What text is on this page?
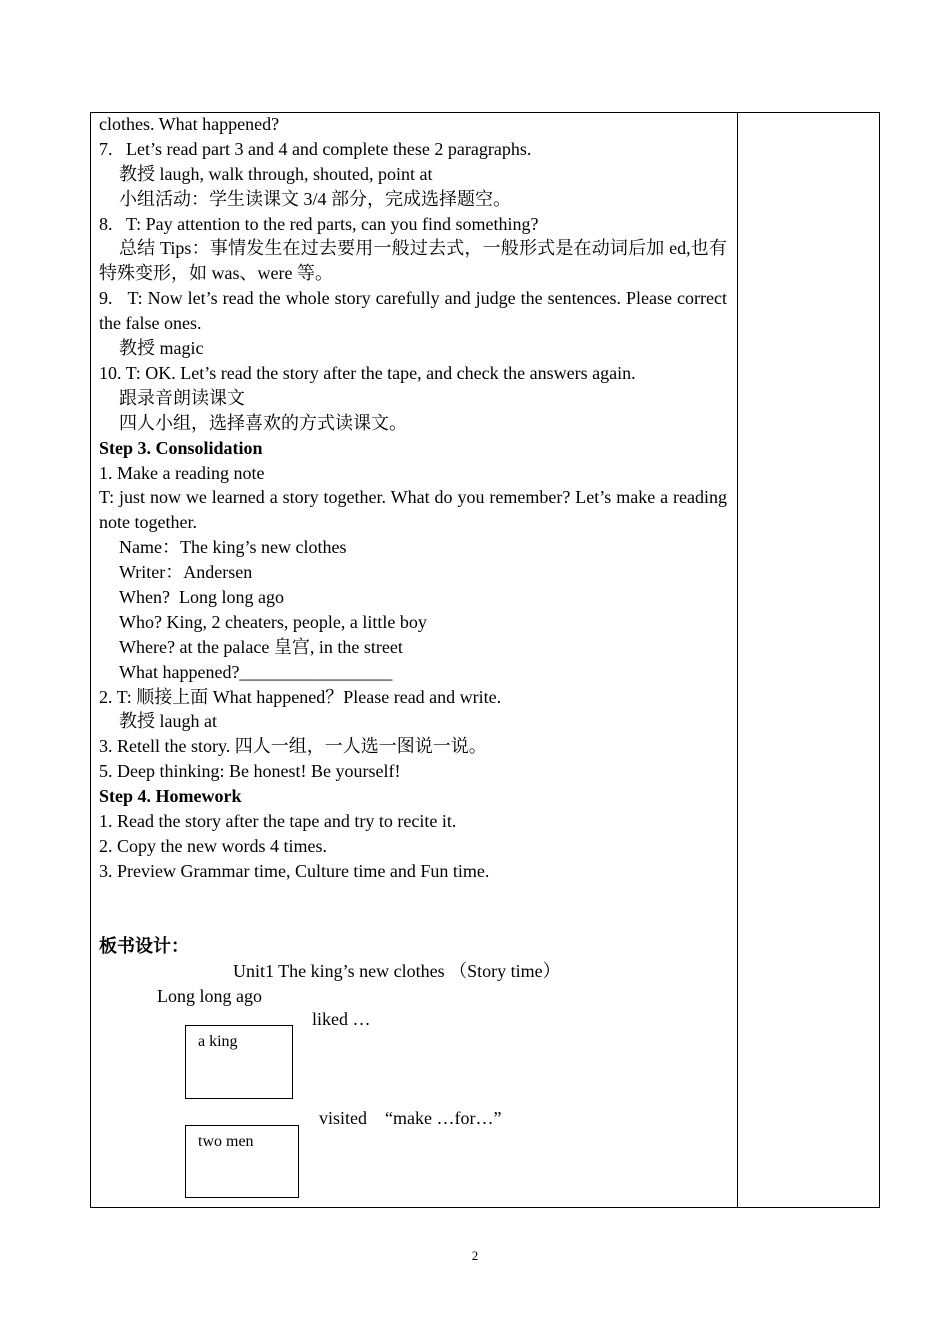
clothes. What happened?
7.   Let’s read part 3 and 4 and complete these 2 paragraphs.
教授 laugh, walk through, shouted, point at
小组活动：学生读课文 3/4 部分，完成选择题空。
8.   T: Pay attention to the red parts, can you find something?
总结 Tips：事情发生在过去要用一般过去式，一般形式是在动词后加 ed,也有特殊变形，如 was、were 等。
9.   T: Now let’s read the whole story carefully and judge the sentences. Please correct the false ones.
教授 magic
10. T: OK. Let’s read the story after the tape, and check the answers again.
跟录音朗读课文
四人小组，选择喜欢的方式读课文。
Step 3. Consolidation
1. Make a reading note
T: just now we learned a story together. What do you remember? Let’s make a reading note together.
Name：The king’s new clothes
Writer：Andersen
When?  Long long ago
Who? King, 2 cheaters, people, a little boy
Where? at the palace 皇宫, in the street
What happened?_________________
2. T: 顺接上面 What happened？Please read and write.
教授 laugh at
3. Retell the story. 四人一组，一人选一图说一说。
5. Deep thinking: Be honest! Be yourself!
Step 4. Homework
1. Read the story after the tape and try to recite it.
2. Copy the new words 4 times.
3. Preview Grammar time, Culture time and Fun time.
板书设计：
Unit1 The king’s new clothes （Story time）
Long long ago
liked …
a king
visited    “make …for…”
two men
2
